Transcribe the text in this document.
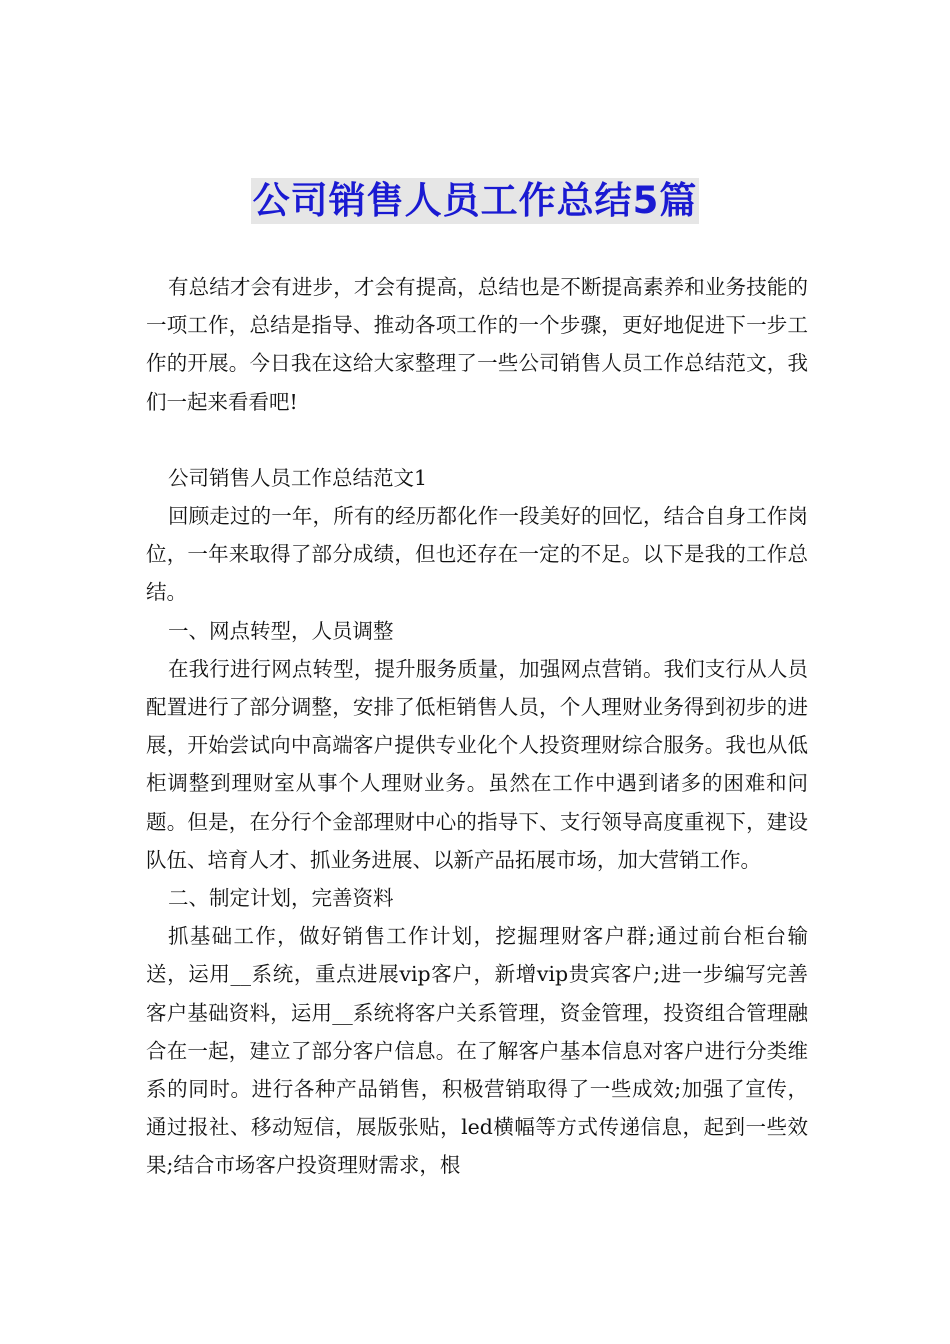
公司销售人员工作总结5篇

有总结才会有进步，才会有提高，总结也是不断提高素养和业务技能的一项工作，总结是指导、推动各项工作的一个步骤，更好地促进下一步工作的开展。今日我在这给大家整理了一些公司销售人员工作总结范文，我们一起来看看吧!

公司销售人员工作总结范文1

回顾走过的一年，所有的经历都化作一段美好的回忆，结合自身工作岗位，一年来取得了部分成绩，但也还存在一定的不足。以下是我的工作总结。

一、网点转型，人员调整

在我行进行网点转型，提升服务质量，加强网点营销。我们支行从人员配置进行了部分调整，安排了低柜销售人员，个人理财业务得到初步的进展，开始尝试向中高端客户提供专业化个人投资理财综合服务。我也从低柜调整到理财室从事个人理财业务。虽然在工作中遇到诸多的困难和问题。但是，在分行个金部理财中心的指导下、支行领导高度重视下，建设队伍、培育人才、抓业务进展、以新产品拓展市场，加大营销工作。

二、制定计划，完善资料

抓基础工作，做好销售工作计划，挖掘理财客户群;通过前台柜台输送，运用__系统，重点进展vip客户，新增vip贵宾客户;进一步编写完善客户基础资料，运用__系统将客户关系管理，资金管理，投资组合管理融合在一起，建立了部分客户信息。在了解客户基本信息对客户进行分类维系的同时。进行各种产品销售，积极营销取得了一些成效;加强了宣传，通过报社、移动短信，展版张贴，led横幅等方式传递信息，起到一些效果;结合市场客户投资理财需求，根
